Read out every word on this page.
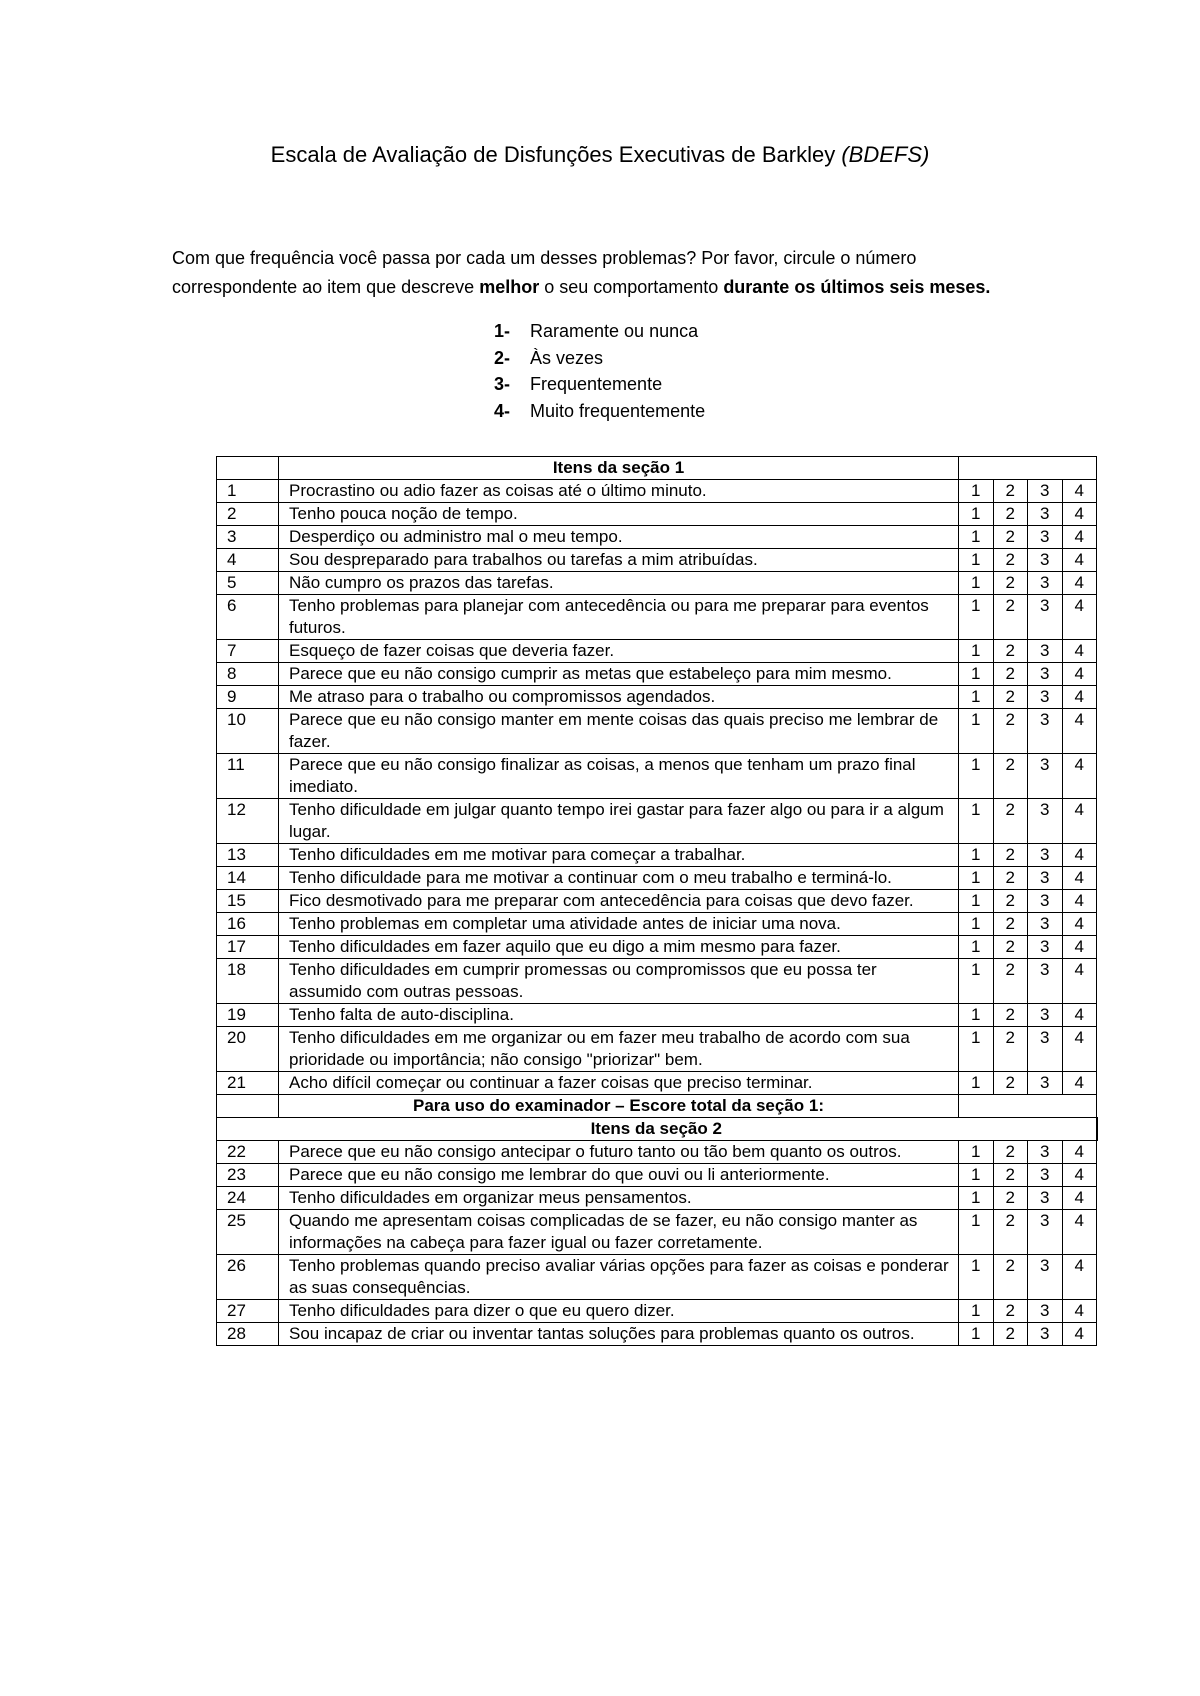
Escala de Avaliação de Disfunções Executivas de Barkley (BDEFS)
Com que frequência você passa por cada um desses problemas? Por favor, circule o número
correspondente ao item que descreve melhor o seu comportamento durante os últimos seis meses.
1-	Raramente ou nunca
2-	Às vezes
3-	Frequentemente
4-	Muito frequentemente
	Itens da seção 1				
1	Procrastino ou adio fazer as coisas até o último minuto.	1	2	3	4
2	Tenho pouca noção de tempo.	1	2	3	4
3	Desperdiço ou administro mal o meu tempo.	1	2	3	4
4	Sou despreparado para trabalhos ou tarefas a mim atribuídas.	1	2	3	4
5	Não cumpro os prazos das tarefas.	1	2	3	4
6	Tenho problemas para planejar com antecedência ou para me preparar para eventos futuros.	1	2	3	4
7	Esqueço de fazer coisas que deveria fazer.	1	2	3	4
8	Parece que eu não consigo cumprir as metas que estabeleço para mim mesmo.	1	2	3	4
9	Me atraso para o trabalho ou compromissos agendados.	1	2	3	4
10	Parece que eu não consigo manter em mente coisas das quais preciso me lembrar de fazer.	1	2	3	4
11	Parece que eu não consigo finalizar as coisas, a menos que tenham um prazo final imediato.	1	2	3	4
12	Tenho dificuldade em julgar quanto tempo irei gastar para fazer algo ou para ir a algum lugar.	1	2	3	4
13	Tenho dificuldades em me motivar para começar a trabalhar.	1	2	3	4
14	Tenho dificuldade para me motivar a continuar com o meu trabalho e terminá-lo.	1	2	3	4
15	Fico desmotivado para me preparar com antecedência para coisas que devo fazer.	1	2	3	4
16	Tenho problemas em completar uma atividade antes de iniciar uma nova.	1	2	3	4
17	Tenho dificuldades em fazer aquilo que eu digo a mim mesmo para fazer.	1	2	3	4
18	Tenho dificuldades em cumprir promessas ou compromissos que eu possa ter assumido com outras pessoas.	1	2	3	4
19	Tenho falta de auto-disciplina.	1	2	3	4
20	Tenho dificuldades em me organizar ou em fazer meu trabalho de acordo com sua prioridade ou importância; não consigo "priorizar" bem.	1	2	3	4
21	Acho difícil começar ou continuar a fazer coisas que preciso terminar.	1	2	3	4
	Para uso do examinador – Escore total da seção 1:				
Itens da seção 2					
22	Parece que eu não consigo antecipar o futuro tanto ou tão bem quanto os outros.	1	2	3	4
23	Parece que eu não consigo me lembrar do que ouvi ou li anteriormente.	1	2	3	4
24	Tenho dificuldades em organizar meus pensamentos.	1	2	3	4
25	Quando me apresentam coisas complicadas de se fazer, eu não consigo manter as informações na cabeça para fazer igual ou fazer corretamente.	1	2	3	4
26	Tenho problemas quando preciso avaliar várias opções para fazer as coisas e ponderar as suas consequências.	1	2	3	4
27	Tenho dificuldades para dizer o que eu quero dizer.	1	2	3	4
28	Sou incapaz de criar ou inventar tantas soluções para problemas quanto os outros.	1	2	3	4
